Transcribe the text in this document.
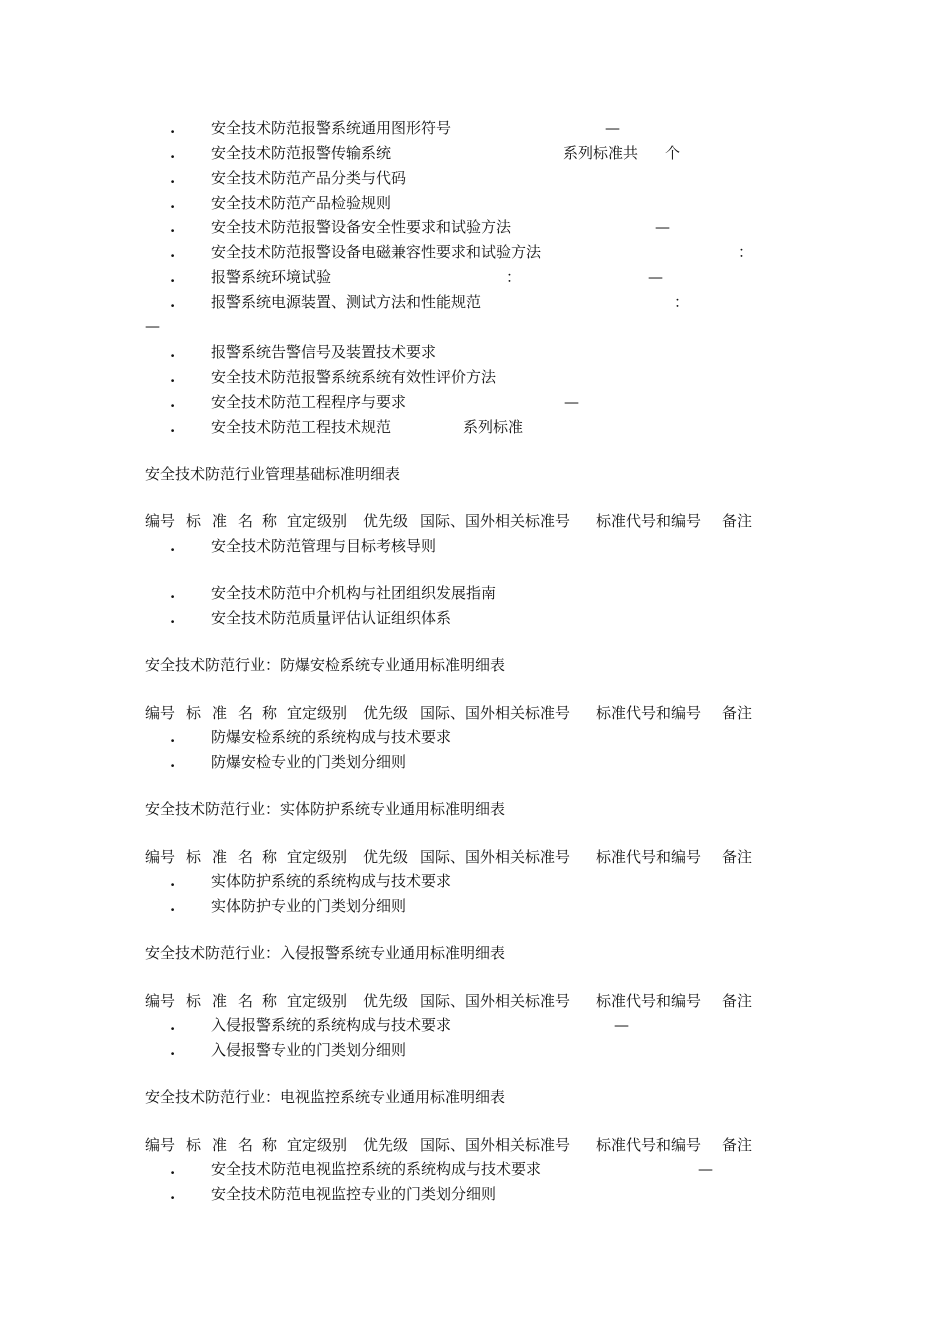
. 安全技术防范报警系统通用图形符号	—
. 安全技术防范报警传输系统	系列标准共 个
. 安全技术防范产品分类与代码
. 安全技术防范产品检验规则
. 安全技术防范报警设备安全性要求和试验方法	—
. 安全技术防范报警设备电磁兼容性要求和试验方法	：
. 报警系统环境试验	：	—
. 报警系统电源装置、测试方法和性能规范	：
—
. 报警系统告警信号及装置技术要求
. 安全技术防范报警系统系统有效性评价方法
. 安全技术防范工程程序与要求	—
. 安全技术防范工程技术规范	系列标准
安全技术防范行业管理基础标准明细表
编号 标 准 名 称 宜定级别 优先级 国际、国外相关标准号 标准代号和编号 备注
. 安全技术防范管理与目标考核导则
. 安全技术防范中介机构与社团组织发展指南
. 安全技术防范质量评估认证组织体系
安全技术防范行业：防爆安检系统专业通用标准明细表
编号 标 准 名 称 宜定级别 优先级 国际、国外相关标准号 标准代号和编号 备注
. 防爆安检系统的系统构成与技术要求
. 防爆安检专业的门类划分细则
安全技术防范行业：实体防护系统专业通用标准明细表
编号 标 准 名 称 宜定级别 优先级 国际、国外相关标准号 标准代号和编号 备注
. 实体防护系统的系统构成与技术要求
. 实体防护专业的门类划分细则
安全技术防范行业：入侵报警系统专业通用标准明细表
编号 标 准 名 称 宜定级别 优先级 国际、国外相关标准号 标准代号和编号 备注
. 入侵报警系统的系统构成与技术要求	—
. 入侵报警专业的门类划分细则
安全技术防范行业：电视监控系统专业通用标准明细表
编号 标 准 名 称 宜定级别 优先级 国际、国外相关标准号 标准代号和编号 备注
. 安全技术防范电视监控系统的系统构成与技术要求	—
. 安全技术防范电视监控专业的门类划分细则
